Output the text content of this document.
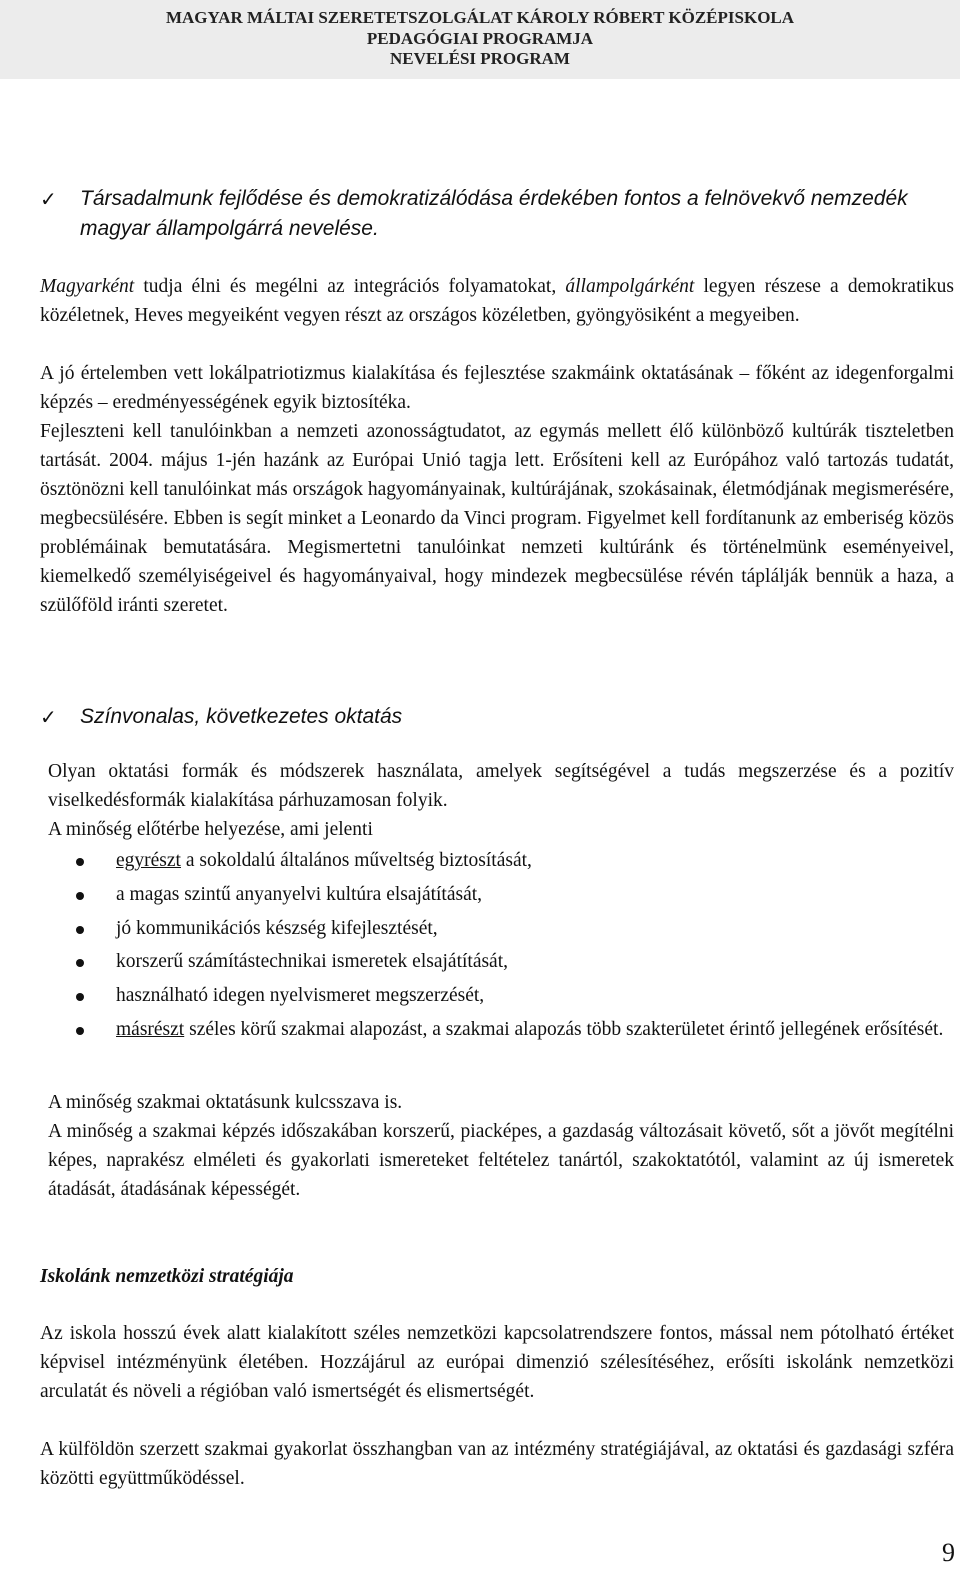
MAGYAR MÁLTAI SZERETETSZOLGÁLAT KÁROLY RÓBERT KÖZÉPISKOLA
PEDAGÓGIAI PROGRAMJA
NEVELÉSI PROGRAM
✓	Társadalmunk fejlődése és demokratizálódása érdekében fontos a felnövekvő nemzedék magyar állampolgárrá nevelése.

Magyarként tudja élni és megélni az integrációs folyamatokat, állampolgárként legyen részese a demokratikus közéletnek, Heves megyeiként vegyen részt az országos közéletben, gyöngyösiként a megyeiben.

A jó értelemben vett lokálpatriotizmus kialakítása és fejlesztése szakmáink oktatásának – főként az idegenforgalmi képzés – eredményességének egyik biztosítéka.

Fejleszteni kell tanulóinkban a nemzeti azonosságtudatot, az egymás mellett élő különböző kultúrák tiszteletben tartását. 2004. május 1-jén hazánk az Európai Unió tagja lett. Erősíteni kell az Európához való tartozás tudatát, ösztönözni kell tanulóinkat más országok hagyományainak, kultúrájának, szokásainak, életmódjának megismerésére, megbecsülésére. Ebben is segít minket a Leonardo da Vinci program. Figyelmet kell fordítanunk az emberiség közös problémáinak bemutatására. Megismertetni tanulóinkat nemzeti kultúránk és történelmünk eseményeivel, kiemelkedő személyiségeivel és hagyományaival, hogy mindezek megbecsülése révén táplálják bennük a haza, a szülőföld iránti szeretet.

✓	Színvonalas, következetes oktatás

Olyan oktatási formák és módszerek használata, amelyek segítségével a tudás megszerzése és a pozitív viselkedésformák kialakítása párhuzamosan folyik.

A minőség előtérbe helyezése, ami jelenti

egyrészt a sokoldalú általános műveltség biztosítását,
a magas szintű anyanyelvi kultúra elsajátítását,
jó kommunikációs készség kifejlesztését,
korszerű számítástechnikai ismeretek elsajátítását,
használható idegen nyelvismeret megszerzését,
másrészt széles körű szakmai alapozást, a szakmai alapozás több szakterületet érintő jellegének erősítését.

A minőség szakmai oktatásunk kulcsszava is.

A minőség a szakmai képzés időszakában korszerű, piacképes, a gazdaság változásait követő, sőt a jövőt megítélni képes, naprakész elméleti és gyakorlati ismereteket feltételez tanártól, szakoktatótól, valamint az új ismeretek átadását, átadásának képességét.

Iskolánk nemzetközi stratégiája

Az iskola hosszú évek alatt kialakított széles nemzetközi kapcsolatrendszere fontos, mással nem pótolható értéket képvisel intézményünk életében. Hozzájárul az európai dimenzió szélesítéséhez, erősíti iskolánk nemzetközi arculatát és növeli a régióban való ismertségét és elismertségét.

A külföldön szerzett szakmai gyakorlat összhangban van az intézmény stratégiájával, az oktatási és gazdasági szféra közötti együttműködéssel.

9
